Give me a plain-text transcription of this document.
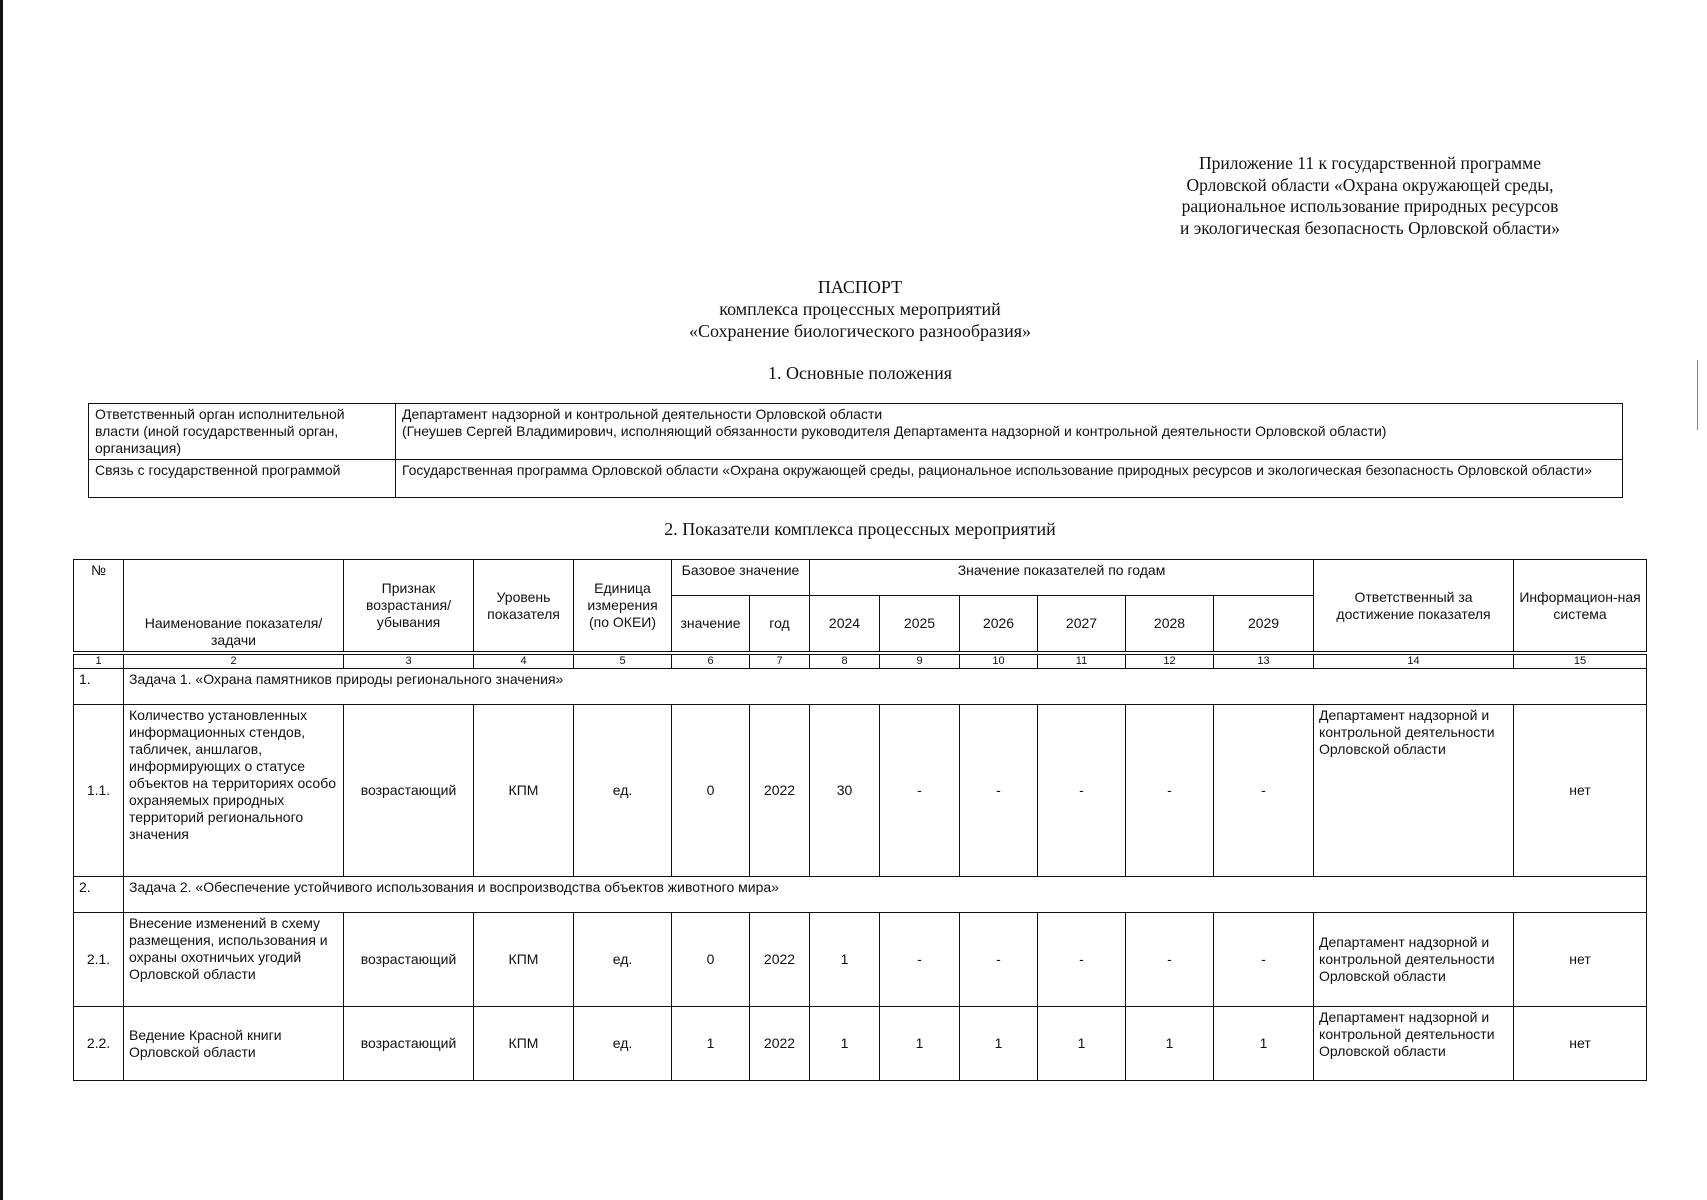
Приложение 11 к государственной программе
Орловской области «Охрана окружающей среды,
рациональное использование природных ресурсов
и экологическая безопасность Орловской области»
ПАСПОРТ
комплекса процессных мероприятий
«Сохранение биологического разнообразия»
1. Основные положения
Ответственный орган исполнительной власти (иной государственный орган, организация)	Департамент надзорной и контрольной деятельности Орловской области
(Гнеушев Сергей Владимирович, исполняющий обязанности руководителя Департамента надзорной и контрольной деятельности Орловской области)

Связь с государственной программой	Государственная программа Орловской области «Охрана окружающей среды, рациональное использование природных ресурсов и экологическая безопасность Орловской области»
2. Показатели комплекса процессных мероприятий
№	Наименование показателя/задачи	Признак возрастания/ убывания	Уровень показателя	Единица измерения (по ОКЕИ)	Базовое значение		Значение показателей по годам						Ответственный за достижение показателя	Информацион-ная система
					значение	год	2024	2025	2026	2027	2028	2029		

1	2	3	4	5	6	7	8	9	10	11	12	13	14	15
1.	Задача 1. «Охрана памятников природы регионального значения»													
1.1.	Количество установленных информационных стендов, табличек, аншлагов, информирующих о статусе объектов на территориях особо охраняемых природных территорий регионального значения	возрастающий	КПМ	ед.	0	2022	30	-	-	-	-	-	Департамент надзорной и контрольной деятельности Орловской области	нет
2.	Задача 2. «Обеспечение устойчивого использования и воспроизводства объектов животного мира»													
2.1.	Внесение изменений в схему размещения, использования и охраны охотничьих угодий Орловской области	возрастающий	КПМ	ед.	0	2022	1	-	-	-	-	-	Департамент надзорной и контрольной деятельности Орловской области	нет
2.2.	Ведение Красной книги Орловской области	возрастающий	КПМ	ед.	1	2022	1	1	1	1	1	1	Департамент надзорной и контрольной деятельности Орловской области	нет
